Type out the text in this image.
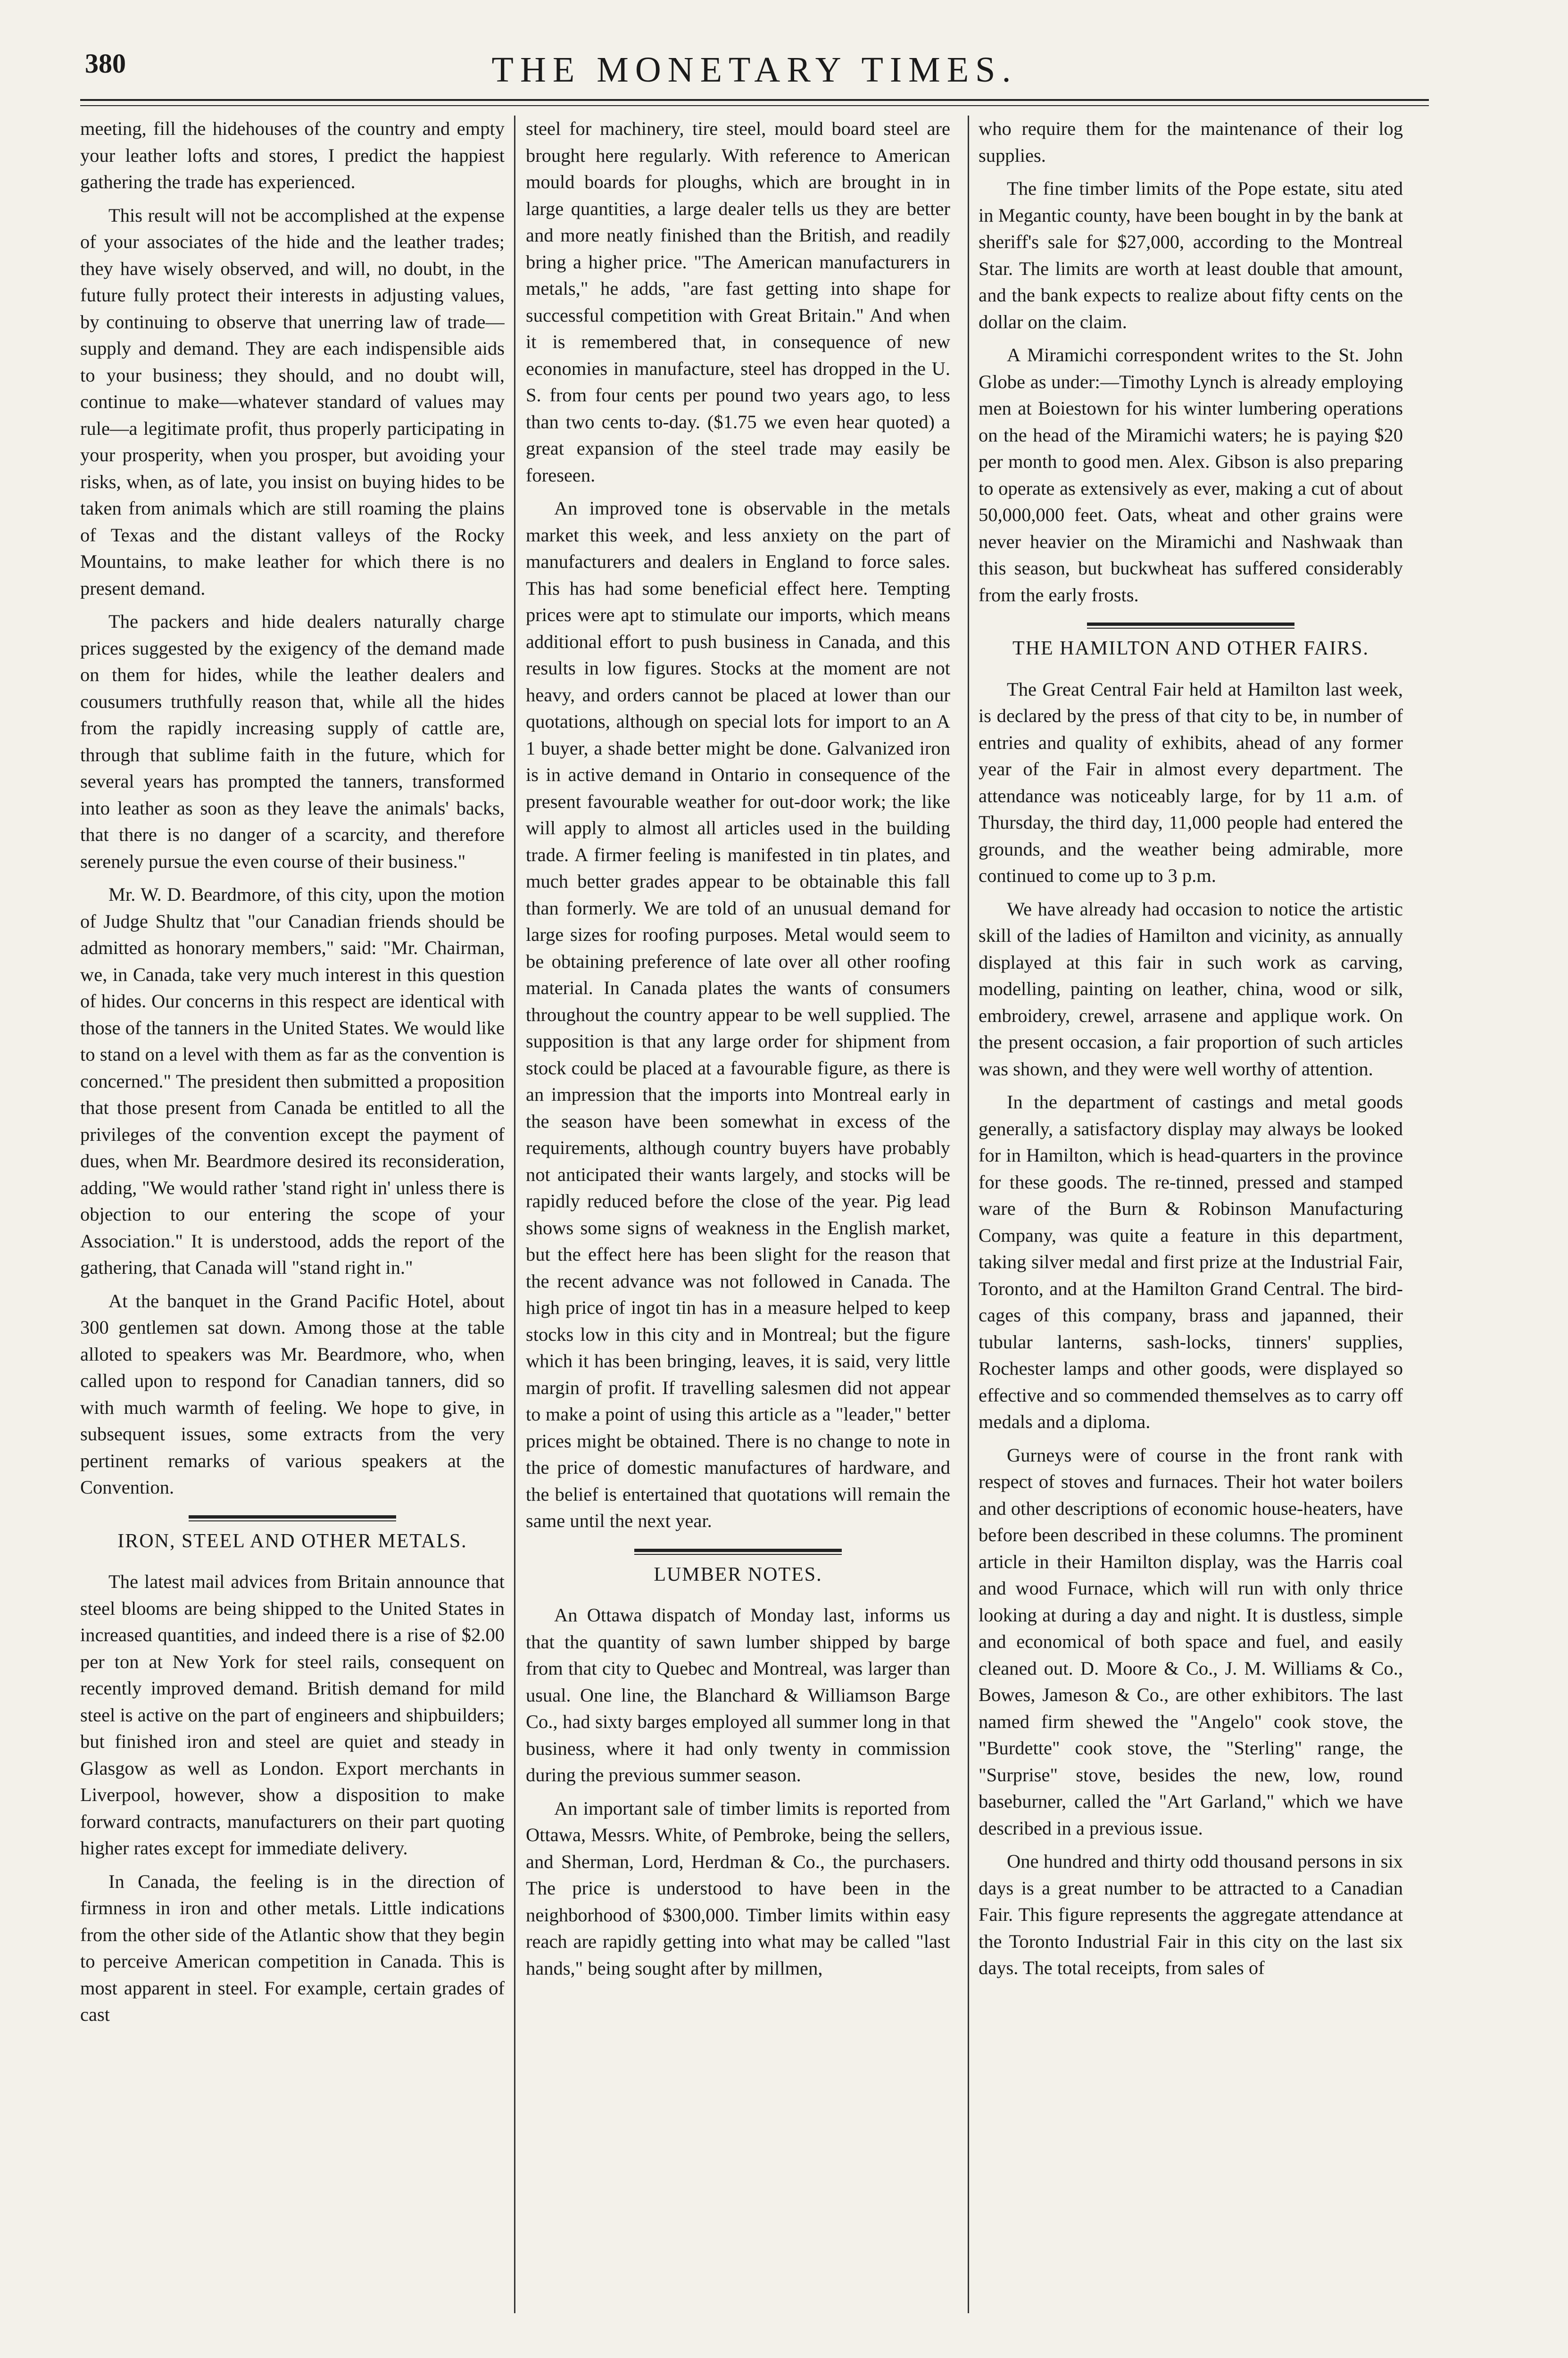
380	THE MONETARY TIMES.

meeting, fill the hidehouses of the country and empty your leather lofts and stores, I predict the happiest gathering the trade has experienced.

This result will not be accomplished at the expense of your associates of the hide and the leather trades; they have wisely observed, and will, no doubt, in the future fully protect their interests in adjusting values, by continuing to observe that unerring law of trade—supply and demand. They are each indispensible aids to your business; they should, and no doubt will, continue to make—whatever standard of values may rule—a legitimate profit, thus properly participating in your prosperity, when you prosper, but avoiding your risks, when, as of late, you insist on buying hides to be taken from animals which are still roaming the plains of Texas and the distant valleys of the Rocky Mountains, to make leather for which there is no present demand.

The packers and hide dealers naturally charge prices suggested by the exigency of the demand made on them for hides, while the leather dealers and cousumers truthfully reason that, while all the hides from the rapidly increasing supply of cattle are, through that sublime faith in the future, which for several years has prompted the tanners, transformed into leather as soon as they leave the animals' backs, that there is no danger of a scarcity, and therefore serenely pursue the even course of their business."

Mr. W. D. Beardmore, of this city, upon the motion of Judge Shultz that "our Canadian friends should be admitted as honorary members," said: "Mr. Chairman, we, in Canada, take very much interest in this question of hides. Our concerns in this respect are identical with those of the tanners in the United States. We would like to stand on a level with them as far as the convention is concerned." The president then submitted a proposition that those present from Canada be entitled to all the privileges of the convention except the payment of dues, when Mr. Beardmore desired its reconsideration, adding, "We would rather 'stand right in' unless there is objection to our entering the scope of your Association." It is understood, adds the report of the gathering, that Canada will "stand right in."

At the banquet in the Grand Pacific Hotel, about 300 gentlemen sat down. Among those at the table alloted to speakers was Mr. Beardmore, who, when called upon to respond for Canadian tanners, did so with much warmth of feeling. We hope to give, in subsequent issues, some extracts from the very pertinent remarks of various speakers at the Convention.

IRON, STEEL AND OTHER METALS.

The latest mail advices from Britain announce that steel blooms are being shipped to the United States in increased quantities, and indeed there is a rise of $2.00 per ton at New York for steel rails, consequent on recently improved demand. British demand for mild steel is active on the part of engineers and shipbuilders; but finished iron and steel are quiet and steady in Glasgow as well as London. Export merchants in Liverpool, however, show a disposition to make forward contracts, manufacturers on their part quoting higher rates except for immediate delivery.

In Canada, the feeling is in the direction of firmness in iron and other metals. Little indications from the other side of the Atlantic show that they begin to perceive American competition in Canada. This is most apparent in steel. For example, certain grades of cast

steel for machinery, tire steel, mould board steel are brought here regularly. With reference to American mould boards for ploughs, which are brought in in large quantities, a large dealer tells us they are better and more neatly finished than the British, and readily bring a higher price. "The American manufacturers in metals," he adds, "are fast getting into shape for successful competition with Great Britain." And when it is remembered that, in consequence of new economies in manufacture, steel has dropped in the U. S. from four cents per pound two years ago, to less than two cents to-day. ($1.75 we even hear quoted) a great expansion of the steel trade may easily be foreseen.

An improved tone is observable in the metals market this week, and less anxiety on the part of manufacturers and dealers in England to force sales. This has had some beneficial effect here. Tempting prices were apt to stimulate our imports, which means additional effort to push business in Canada, and this results in low figures. Stocks at the moment are not heavy, and orders cannot be placed at lower than our quotations, although on special lots for import to an A 1 buyer, a shade better might be done. Galvanized iron is in active demand in Ontario in consequence of the present favourable weather for out-door work; the like will apply to almost all articles used in the building trade. A firmer feeling is manifested in tin plates, and much better grades appear to be obtainable this fall than formerly. We are told of an unusual demand for large sizes for roofing purposes. Metal would seem to be obtaining preference of late over all other roofing material. In Canada plates the wants of consumers throughout the country appear to be well supplied. The supposition is that any large order for shipment from stock could be placed at a favourable figure, as there is an impression that the imports into Montreal early in the season have been somewhat in excess of the requirements, although country buyers have probably not anticipated their wants largely, and stocks will be rapidly reduced before the close of the year. Pig lead shows some signs of weakness in the English market, but the effect here has been slight for the reason that the recent advance was not followed in Canada. The high price of ingot tin has in a measure helped to keep stocks low in this city and in Montreal; but the figure which it has been bringing, leaves, it is said, very little margin of profit. If travelling salesmen did not appear to make a point of using this article as a "leader," better prices might be obtained. There is no change to note in the price of domestic manufactures of hardware, and the belief is entertained that quotations will remain the same until the next year.

LUMBER NOTES.

An Ottawa dispatch of Monday last, informs us that the quantity of sawn lumber shipped by barge from that city to Quebec and Montreal, was larger than usual. One line, the Blanchard & Williamson Barge Co., had sixty barges employed all summer long in that business, where it had only twenty in commission during the previous summer season.

An important sale of timber limits is reported from Ottawa, Messrs. White, of Pembroke, being the sellers, and Sherman, Lord, Herdman & Co., the purchasers. The price is understood to have been in the neighborhood of $300,000. Timber limits within easy reach are rapidly getting into what may be called "last hands," being sought after by millmen,

who require them for the maintenance of their log supplies.

The fine timber limits of the Pope estate, situ ated in Megantic county, have been bought in by the bank at sheriff's sale for $27,000, according to the Montreal Star. The limits are worth at least double that amount, and the bank expects to realize about fifty cents on the dollar on the claim.

A Miramichi correspondent writes to the St. John Globe as under:—Timothy Lynch is already employing men at Boiestown for his winter lumbering operations on the head of the Miramichi waters; he is paying $20 per month to good men. Alex. Gibson is also preparing to operate as extensively as ever, making a cut of about 50,000,000 feet. Oats, wheat and other grains were never heavier on the Miramichi and Nashwaak than this season, but buckwheat has suffered considerably from the early frosts.

THE HAMILTON AND OTHER FAIRS.

The Great Central Fair held at Hamilton last week, is declared by the press of that city to be, in number of entries and quality of exhibits, ahead of any former year of the Fair in almost every department. The attendance was noticeably large, for by 11 a.m. of Thursday, the third day, 11,000 people had entered the grounds, and the weather being admirable, more continued to come up to 3 p.m.

We have already had occasion to notice the artistic skill of the ladies of Hamilton and vicinity, as annually displayed at this fair in such work as carving, modelling, painting on leather, china, wood or silk, embroidery, crewel, arrasene and applique work. On the present occasion, a fair proportion of such articles was shown, and they were well worthy of attention.

In the department of castings and metal goods generally, a satisfactory display may always be looked for in Hamilton, which is head-quarters in the province for these goods. The re-tinned, pressed and stamped ware of the Burn & Robinson Manufacturing Company, was quite a feature in this department, taking silver medal and first prize at the Industrial Fair, Toronto, and at the Hamilton Grand Central. The bird-cages of this company, brass and japanned, their tubular lanterns, sash-locks, tinners' supplies, Rochester lamps and other goods, were displayed so effective and so commended themselves as to carry off medals and a diploma.

Gurneys were of course in the front rank with respect of stoves and furnaces. Their hot water boilers and other descriptions of economic house-heaters, have before been described in these columns. The prominent article in their Hamilton display, was the Harris coal and wood Furnace, which will run with only thrice looking at during a day and night. It is dustless, simple and economical of both space and fuel, and easily cleaned out. D. Moore & Co., J. M. Williams & Co., Bowes, Jameson & Co., are other exhibitors. The last named firm shewed the "Angelo" cook stove, the "Burdette" cook stove, the "Sterling" range, the "Surprise" stove, besides the new, low, round baseburner, called the "Art Garland," which we have described in a previous issue.

One hundred and thirty odd thousand persons in six days is a great number to be attracted to a Canadian Fair. This figure represents the aggregate attendance at the Toronto Industrial Fair in this city on the last six days. The total receipts, from sales of
